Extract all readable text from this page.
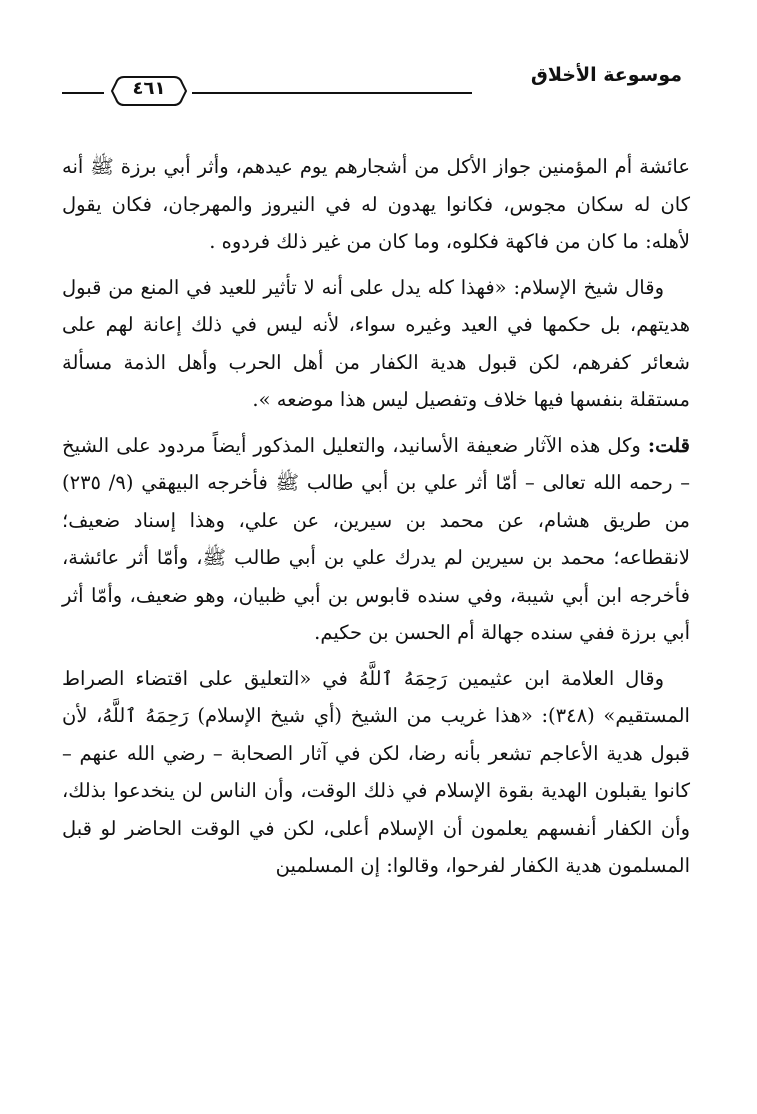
موسوعة الأخلاق
٤٦١

عائشة أم المؤمنين جواز الأكل من أشجارهم يوم عيدهم، وأثر أبي برزة ﷺ أنه كان له سكان مجوس، فكانوا يهدون له في النيروز والمهرجان، فكان يقول لأهله: ما كان من فاكهة فكلوه، وما كان من غير ذلك فردوه .

وقال شيخ الإسلام: «فهذا كله يدل على أنه لا تأثير للعيد في المنع من قبول هديتهم، بل حكمها في العيد وغيره سواء، لأنه ليس في ذلك إعانة لهم على شعائر كفرهم، لكن قبول هدية الكفار من أهل الحرب وأهل الذمة مسألة مستقلة بنفسها فيها خلاف وتفصيل ليس هذا موضعه ».

قلت: وكل هذه الآثار ضعيفة الأسانيد، والتعليل المذكور أيضاً مردود على الشيخ – رحمه الله تعالى – أمّا أثر علي بن أبي طالب ﷺ فأخرجه البيهقي (٩/ ٢٣٥) من طريق هشام، عن محمد بن سيرين، عن علي، وهذا إسناد ضعيف؛ لانقطاعه؛ محمد بن سيرين لم يدرك علي بن أبي طالب ﷺ، وأمّا أثر عائشة، فأخرجه ابن أبي شيبة، وفي سنده قابوس بن أبي ظبيان، وهو ضعيف، وأمّا أثر أبي برزة ففي سنده جهالة أم الحسن بن حكيم.

وقال العلامة ابن عثيمين رَحِمَهُ ٱللَّهُ في «التعليق على اقتضاء الصراط المستقيم» (٣٤٨): «هذا غريب من الشيخ (أي شيخ الإسلام) رَحِمَهُ ٱللَّهُ، لأن قبول هدية الأعاجم تشعر بأنه رضا، لكن في آثار الصحابة – رضي الله عنهم – كانوا يقبلون الهدية بقوة الإسلام في ذلك الوقت، وأن الناس لن ينخدعوا بذلك، وأن الكفار أنفسهم يعلمون أن الإسلام أعلى، لكن في الوقت الحاضر لو قبل المسلمون هدية الكفار لفرحوا، وقالوا: إن المسلمين
